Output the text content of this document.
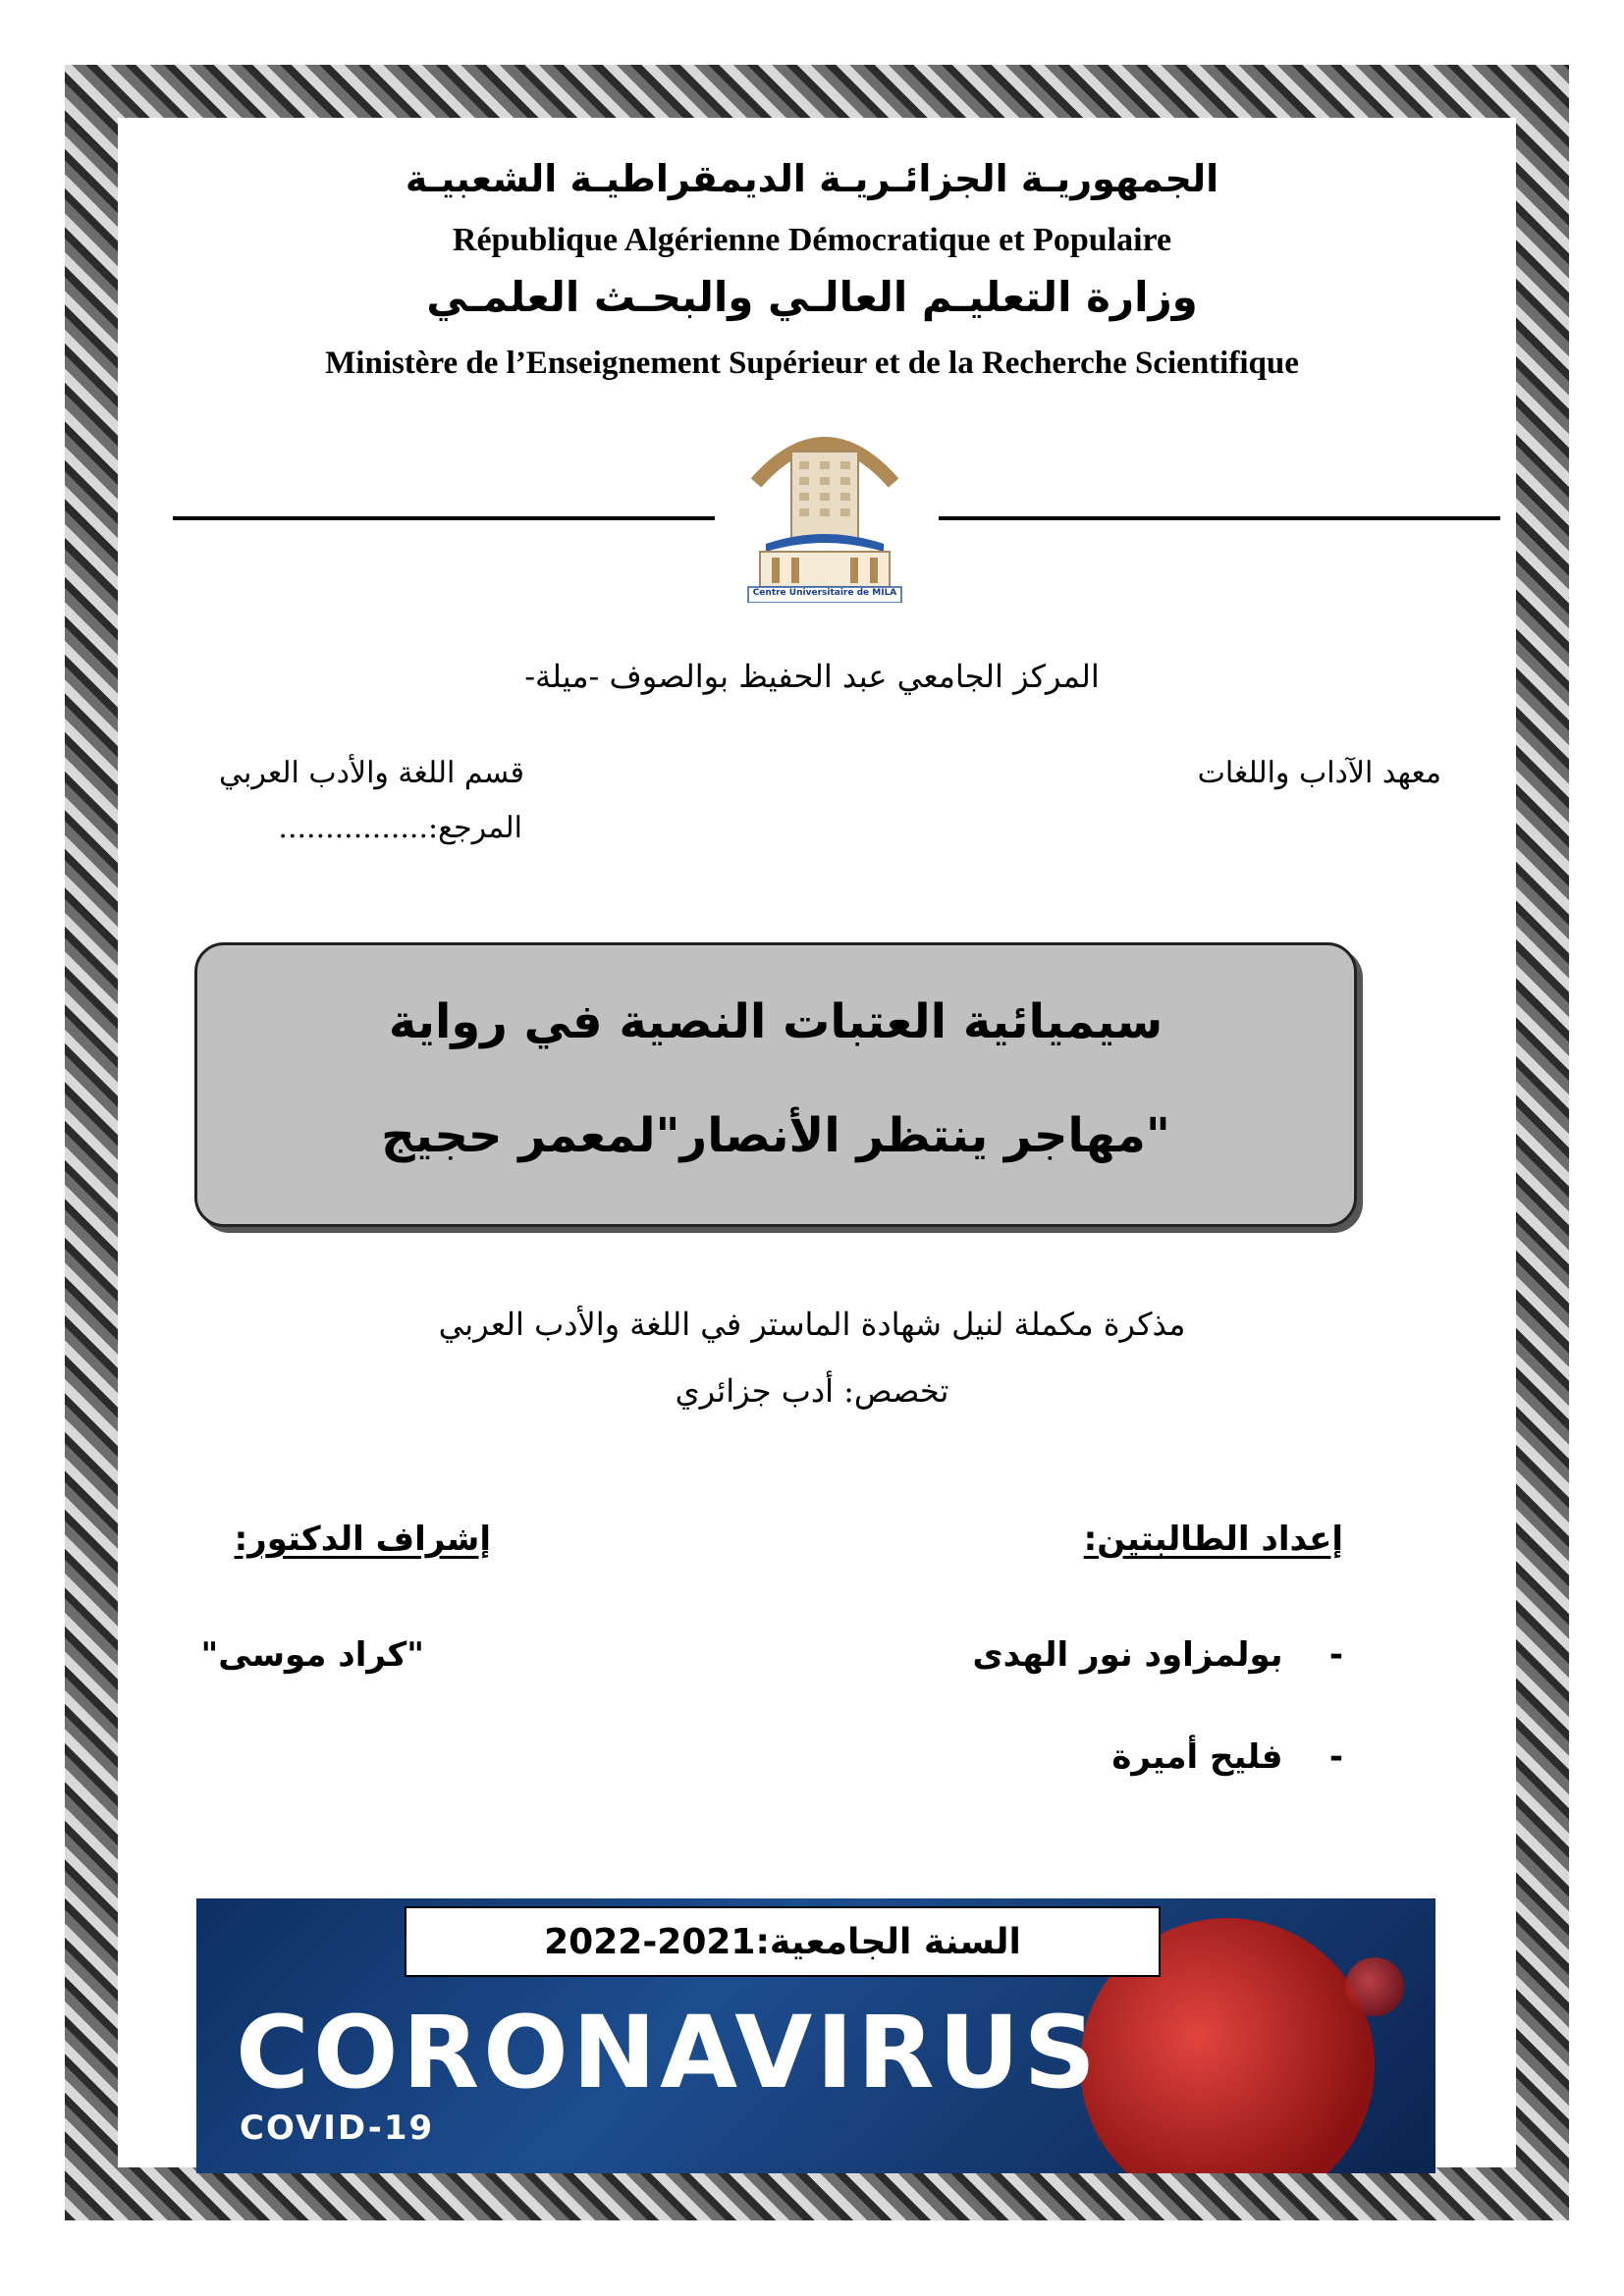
الجمهوريـة الجزائـريـة الديمقراطيـة الشعبيـة
République Algérienne Démocratique et Populaire
وزارة التعليـم العالـي والبحـث العلمـي
Ministère de l’Enseignement Supérieur et de la Recherche Scientifique
Centre Universitaire de MILA
المركز الجامعي عبد الحفيظ بوالصوف -ميلة-
معهد الآداب واللغات
قسم اللغة والأدب العربي
المرجع:................
سيميائية العتبات النصية في رواية
"مهاجر ينتظر الأنصار"لمعمر حجيج
مذكرة مكملة لنيل شهادة الماستر في اللغة والأدب العربي
تخصص: أدب جزائري
إعداد الطالبتين:
إشراف الدكتور:
-    بولمزاود نور الهدى
-    فليح أميرة
"كراد موسى"
السنة الجامعية:2021-2022
CORONAVIRUS
COVID-19
